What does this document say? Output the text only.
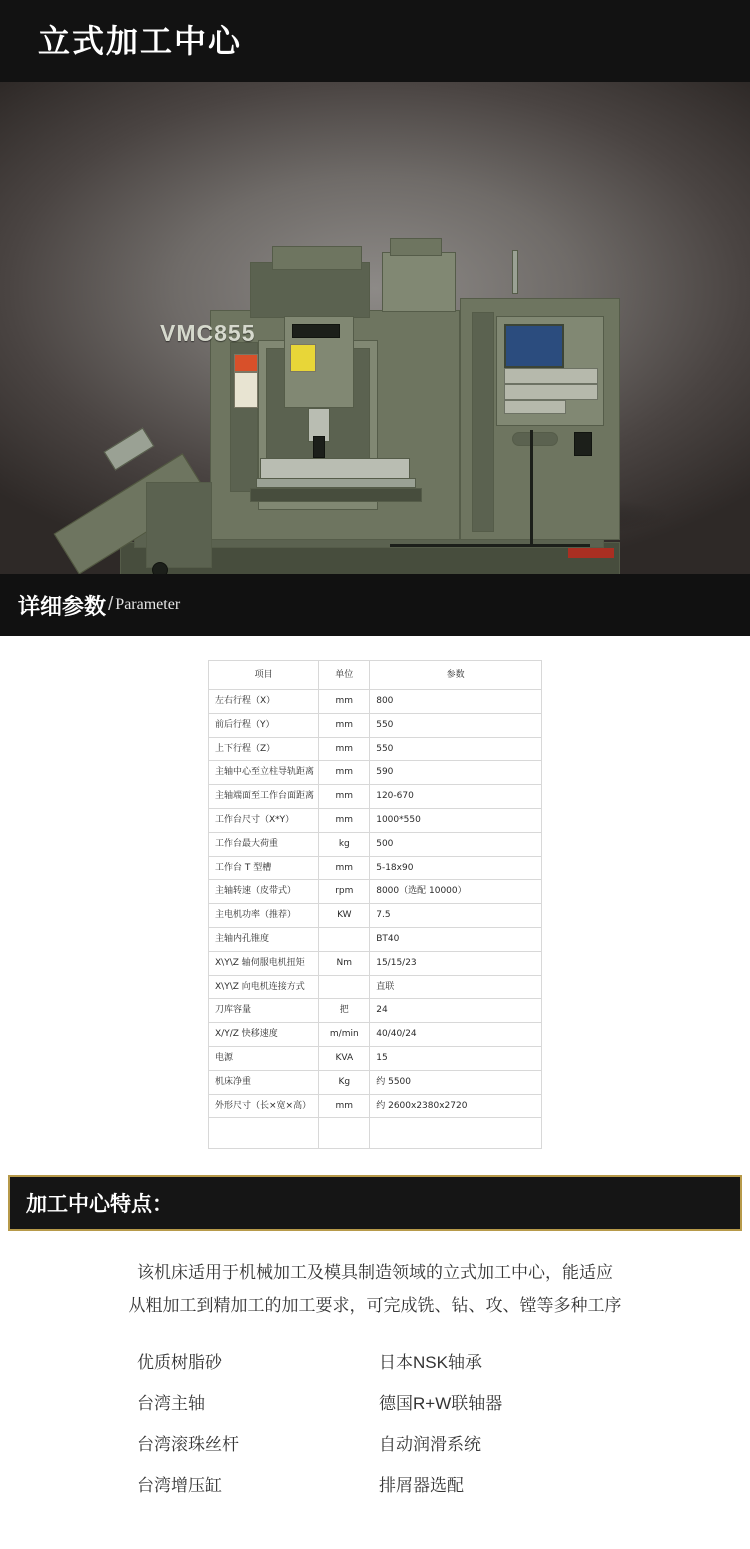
立式加工中心
VMC855
详细参数 / Parameter
项目	单位	参数
左右行程（X）	mm	800
前后行程（Y）	mm	550
上下行程（Z）	mm	550
主轴中心至立柱导轨距离	mm	590
主轴端面至工作台面距离	mm	120-670
工作台尺寸（X*Y）	mm	1000*550
工作台最大荷重	kg	500
工作台 T 型槽	mm	5-18x90
主轴转速（皮带式）	rpm	8000（选配 10000）
主电机功率（推荐）	KW	7.5
主轴内孔锥度		BT40
X\Y\Z 轴伺服电机扭矩	Nm	15/15/23
X\Y\Z 向电机连接方式		直联
刀库容量	把	24
X/Y/Z 快移速度	m/min	40/40/24
电源	KVA	15
机床净重	Kg	约 5500
外形尺寸（长×宽×高）	mm	约 2600x2380x2720

加工中心特点：
该机床适用于机械加工及模具制造领域的立式加工中心，能适应
从粗加工到精加工的加工要求，可完成铣、钻、攻、镗等多种工序
优质树脂砂	日本NSK轴承
台湾主轴	德国R+W联轴器
台湾滚珠丝杆	自动润滑系统
台湾增压缸	排屑器选配
